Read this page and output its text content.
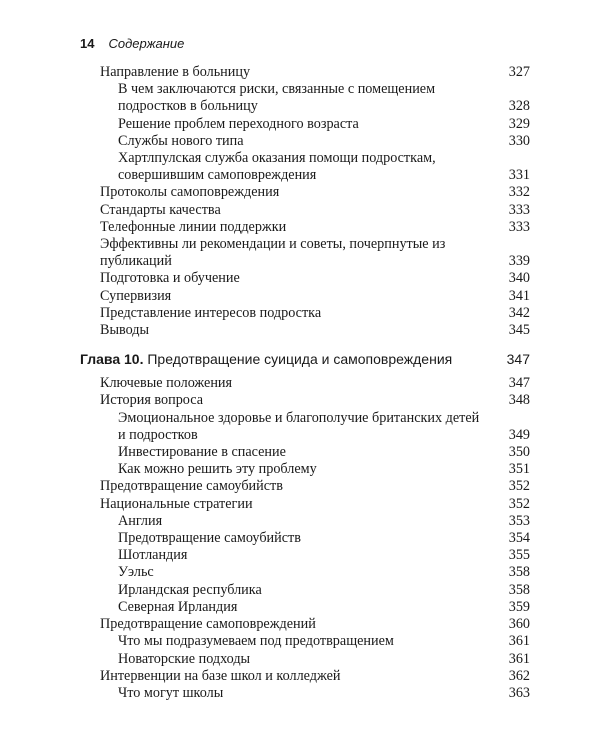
14 Содержание
Направление в больницу	327
В чем заключаются риски, связанные с помещением подростков в больницу	328
Решение проблем переходного возраста	329
Службы нового типа	330
Хартлпулская служба оказания помощи подросткам, совершившим самоповреждения	331
Протоколы самоповреждения	332
Стандарты качества	333
Телефонные линии поддержки	333
Эффективны ли рекомендации и советы, почерпнутые из публикаций	339
Подготовка и обучение	340
Супервизия	341
Представление интересов подростка	342
Выводы	345
Глава 10. Предотвращение суицида и самоповреждения	347
Ключевые положения	347
История вопроса	348
Эмоциональное здоровье и благополучие британских детей и подростков	349
Инвестирование в спасение	350
Как можно решить эту проблему	351
Предотвращение самоубийств	352
Национальные стратегии	352
Англия	353
Предотвращение самоубийств	354
Шотландия	355
Уэльс	358
Ирландская республика	358
Северная Ирландия	359
Предотвращение самоповреждений	360
Что мы подразумеваем под предотвращением	361
Новаторские подходы	361
Интервенции на базе школ и колледжей	362
Что могут школы	363
